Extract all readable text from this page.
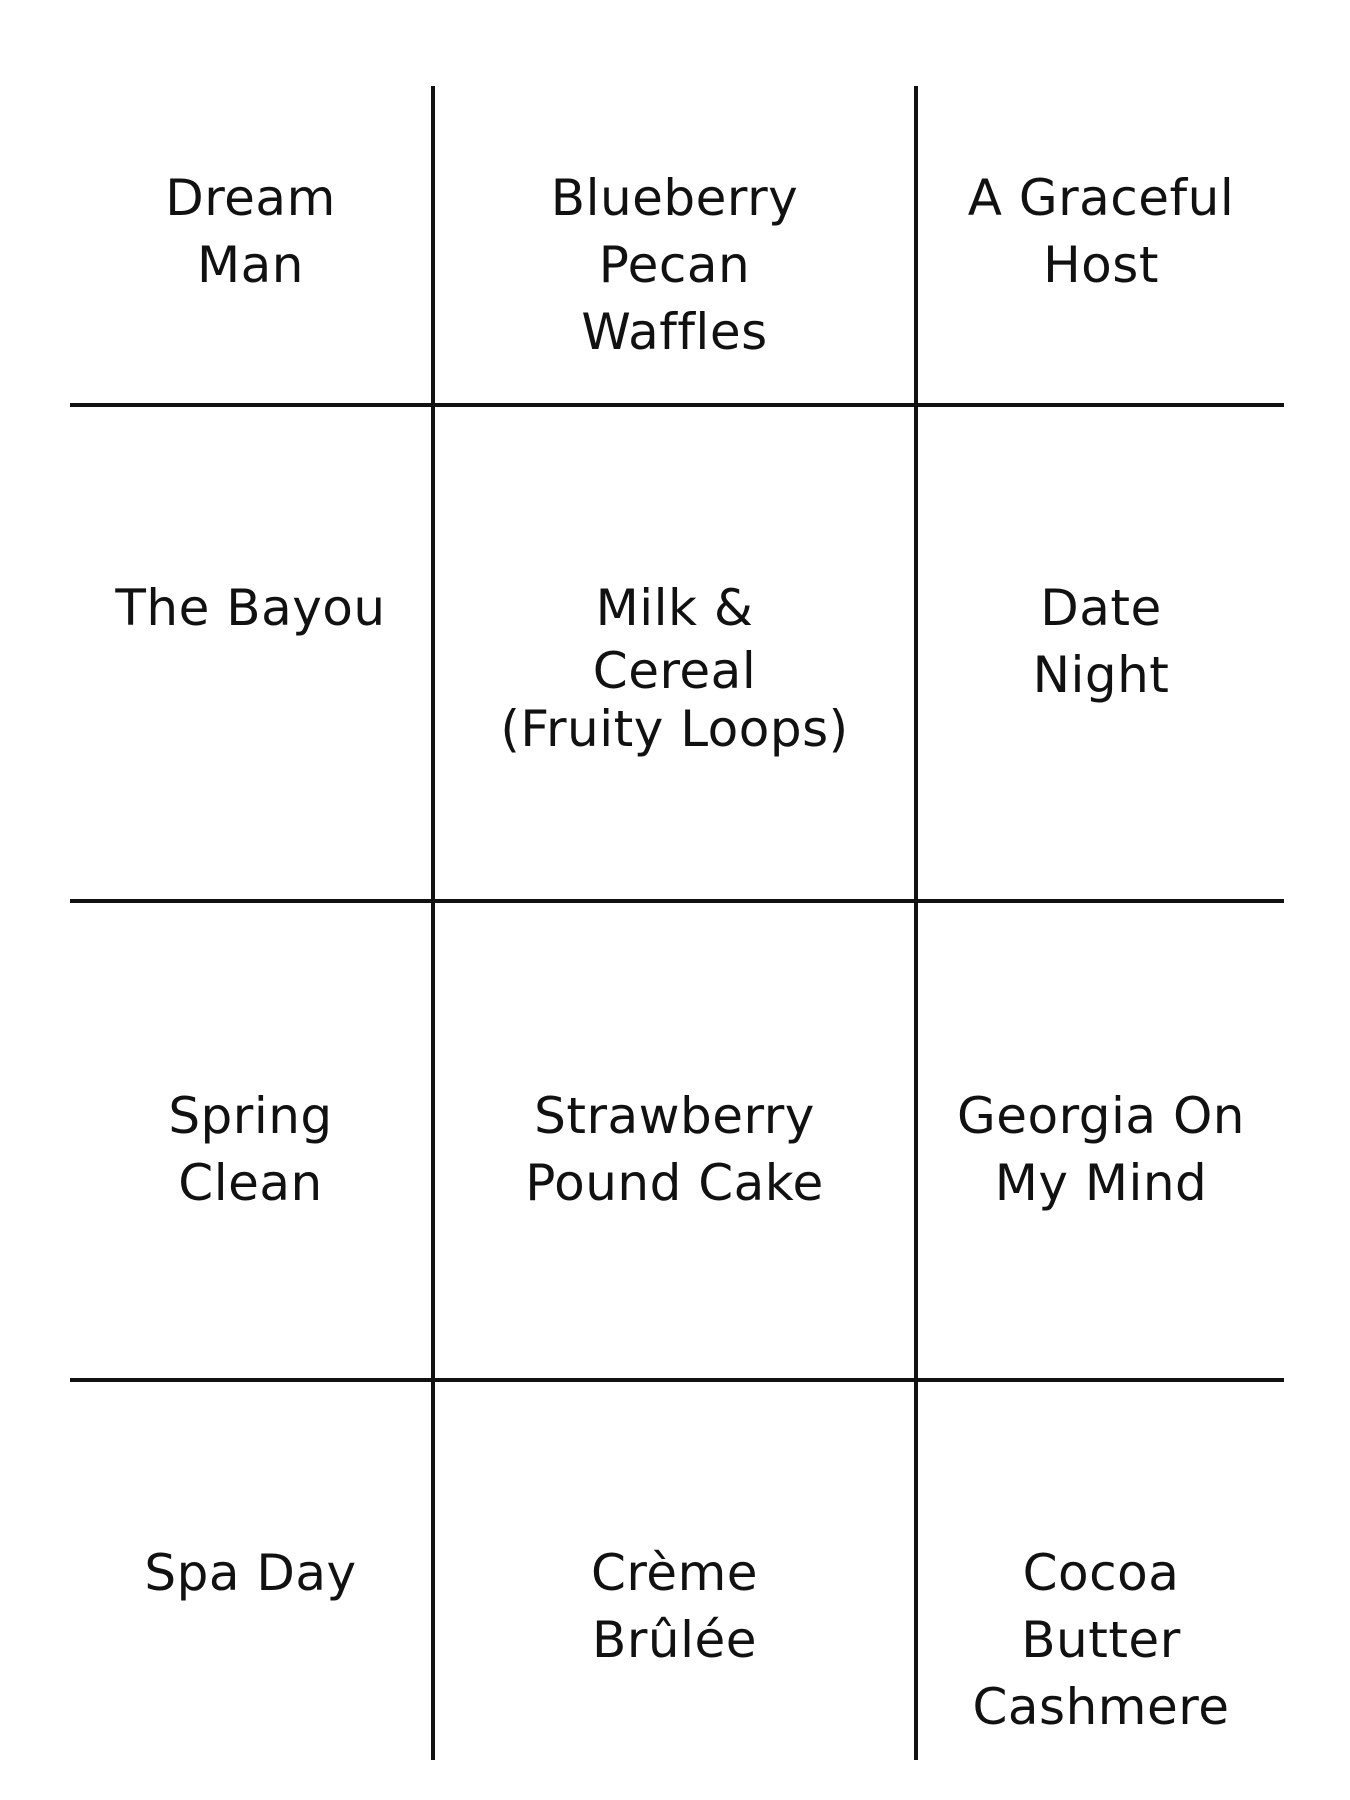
Dream
Man
Blueberry
Pecan
Waffles
A Graceful
Host
The Bayou	Milk &
Cereal
(Fruity Loops)
Date
Night
Spring
Clean
Strawberry
Pound Cake
Georgia On
My Mind
Spa Day	Crème
Brûlée
Cocoa
Butter
Cashmere
